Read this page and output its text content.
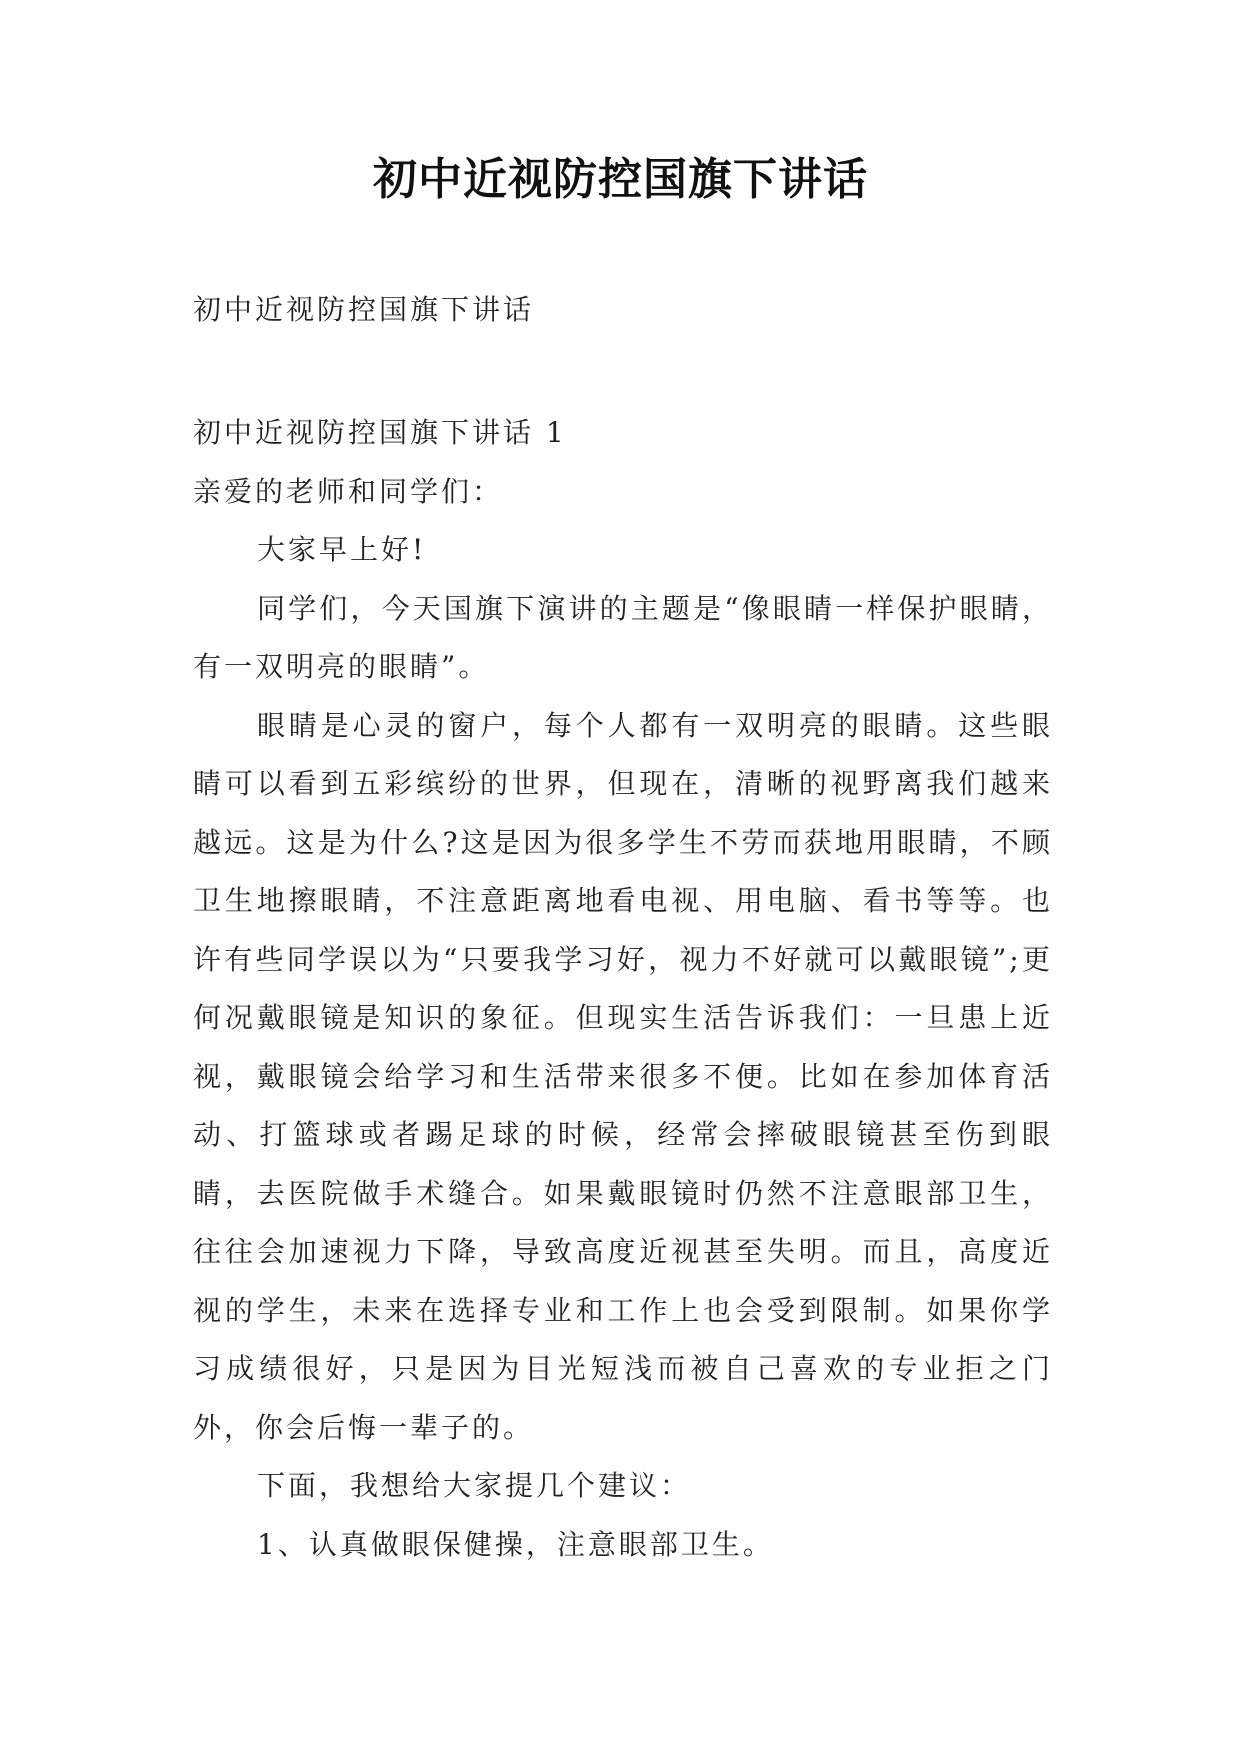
初中近视防控国旗下讲话
初中近视防控国旗下讲话

初中近视防控国旗下讲话 1

亲爱的老师和同学们：

大家早上好!

同学们，今天国旗下演讲的主题是“像眼睛一样保护眼睛，有一双明亮的眼睛”。

眼睛是心灵的窗户，每个人都有一双明亮的眼睛。这些眼睛可以看到五彩缤纷的世界，但现在，清晰的视野离我们越来越远。这是为什么?这是因为很多学生不劳而获地用眼睛，不顾卫生地擦眼睛，不注意距离地看电视、用电脑、看书等等。也许有些同学误以为“只要我学习好，视力不好就可以戴眼镜”;更何况戴眼镜是知识的象征。但现实生活告诉我们：一旦患上近视，戴眼镜会给学习和生活带来很多不便。比如在参加体育活动、打篮球或者踢足球的时候，经常会摔破眼镜甚至伤到眼睛，去医院做手术缝合。如果戴眼镜时仍然不注意眼部卫生，往往会加速视力下降，导致高度近视甚至失明。而且，高度近视的学生，未来在选择专业和工作上也会受到限制。如果你学习成绩很好，只是因为目光短浅而被自己喜欢的专业拒之门外，你会后悔一辈子的。

下面，我想给大家提几个建议：

1、认真做眼保健操，注意眼部卫生。
